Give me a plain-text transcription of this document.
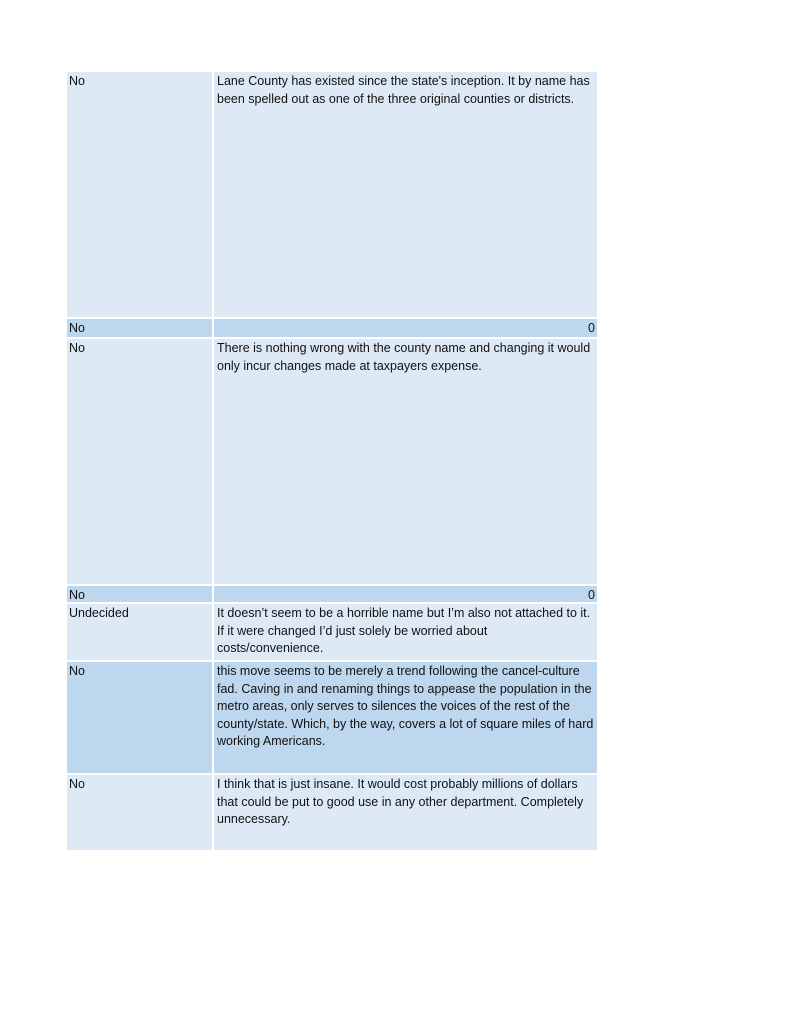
No	Lane County has existed since the state's inception. It by name has been spelled out as one of the three original counties or districts.
No	0
No	There is nothing wrong with the county name and changing it would only incur changes made at taxpayers expense.
No	0
Undecided	It doesn’t seem to be a horrible name but I’m also not attached to it. If it were changed I’d just solely be worried about costs/convenience.
No	this move seems to be merely a trend following the cancel-culture fad. Caving in and renaming things to appease the population in the metro areas, only serves to silences the voices of the rest of the county/state. Which, by the way, covers a lot of square miles of hard working Americans.
No	I think that is just insane. It would cost probably millions of dollars that could be put to good use in any other department. Completely unnecessary.
